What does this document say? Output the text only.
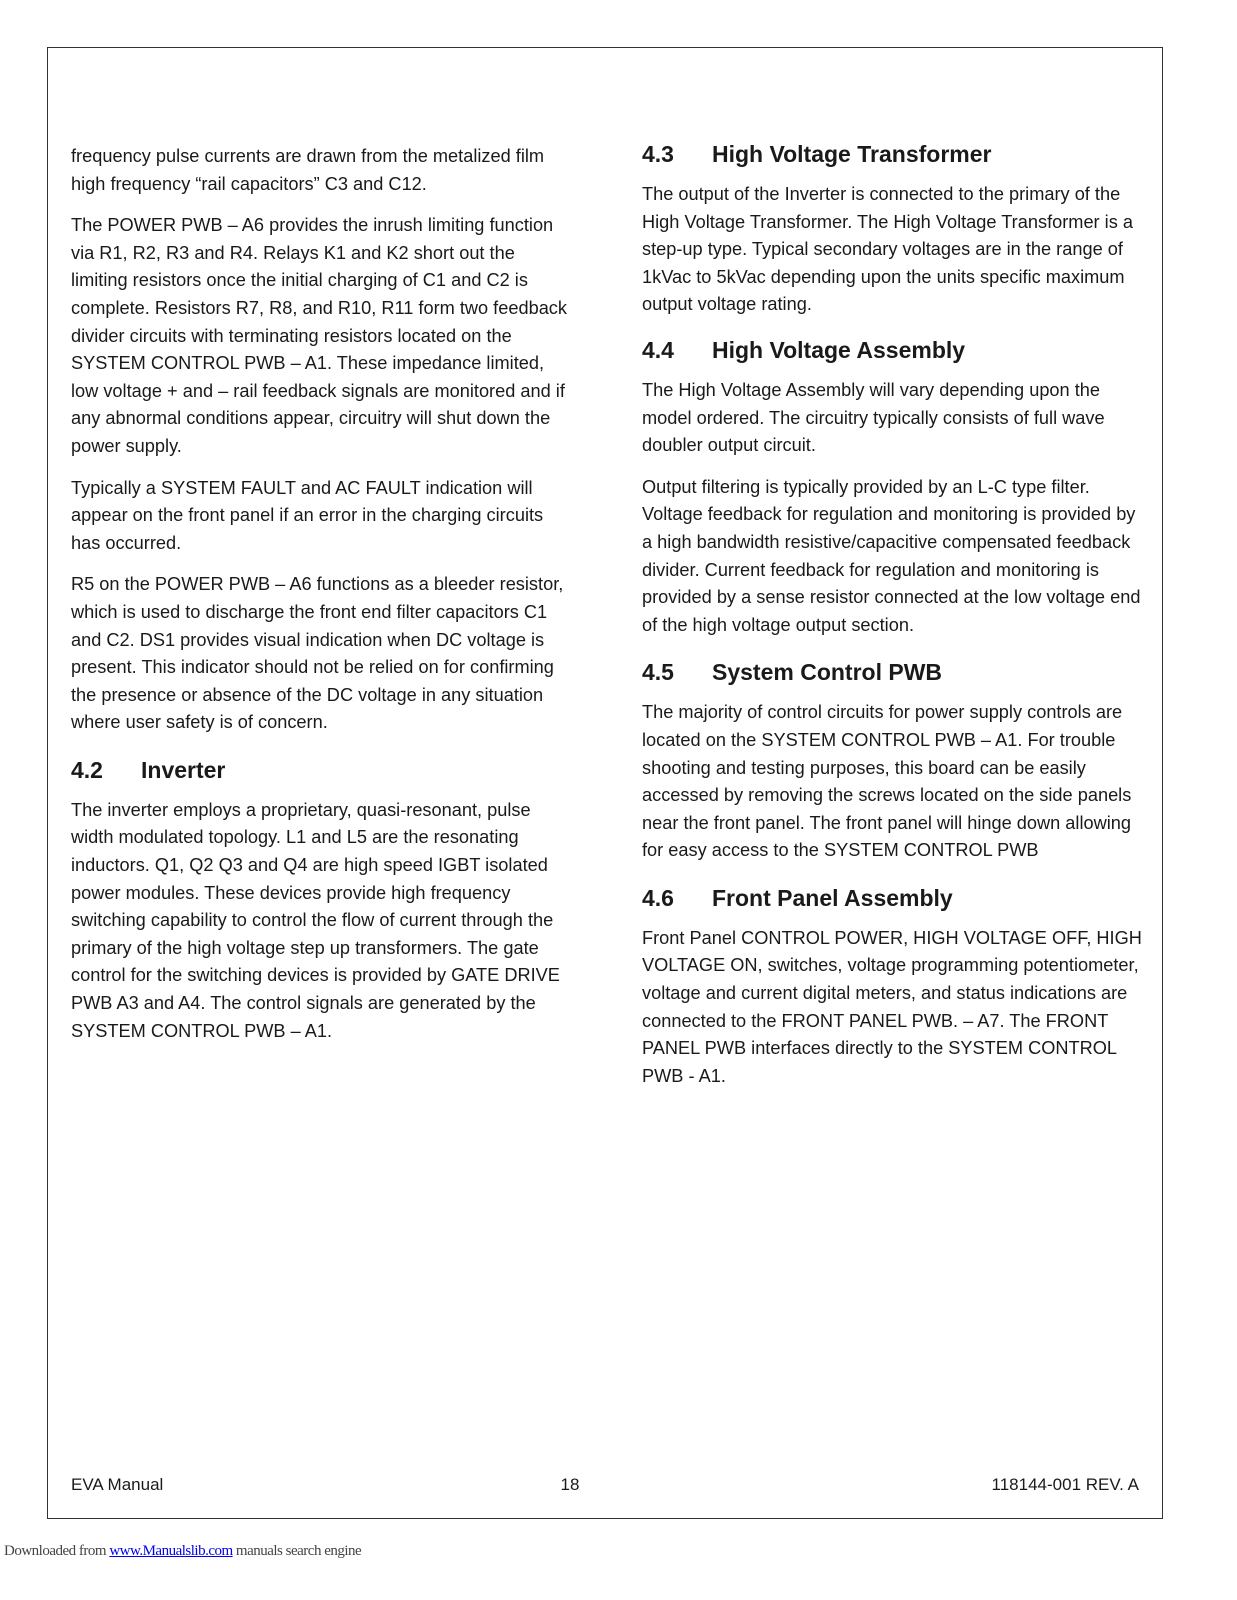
frequency pulse currents are drawn from the metalized film high frequency “rail capacitors” C3 and C12.

The POWER PWB – A6 provides the inrush limiting function via R1, R2, R3 and R4. Relays K1 and K2 short out the limiting resistors once the initial charging of C1 and C2 is complete. Resistors R7, R8, and R10, R11 form two feedback divider circuits with terminating resistors located on the SYSTEM CONTROL PWB – A1. These impedance limited, low voltage + and – rail feedback signals are monitored and if any abnormal conditions appear, circuitry will shut down the power supply.

Typically a SYSTEM FAULT and AC FAULT indication will appear on the front panel if an error in the charging circuits has occurred.

R5 on the POWER PWB – A6 functions as a bleeder resistor, which is used to discharge the front end filter capacitors C1 and C2. DS1 provides visual indication when DC voltage is present. This indicator should not be relied on for confirming the presence or absence of the DC voltage in any situation where user safety is of concern.

4.2 Inverter

The inverter employs a proprietary, quasi-resonant, pulse width modulated topology. L1 and L5 are the resonating inductors. Q1, Q2 Q3 and Q4 are high speed IGBT isolated power modules. These devices provide high frequency switching capability to control the flow of current through the primary of the high voltage step up transformers. The gate control for the switching devices is provided by GATE DRIVE PWB A3 and A4. The control signals are generated by the SYSTEM CONTROL PWB – A1.

4.3 High Voltage Transformer

The output of the Inverter is connected to the primary of the High Voltage Transformer. The High Voltage Transformer is a step-up type. Typical secondary voltages are in the range of 1kVac to 5kVac depending upon the units specific maximum output voltage rating.

4.4 High Voltage Assembly

The High Voltage Assembly will vary depending upon the model ordered. The circuitry typically consists of full wave doubler output circuit.

Output filtering is typically provided by an L-C type filter. Voltage feedback for regulation and monitoring is provided by a high bandwidth resistive/capacitive compensated feedback divider. Current feedback for regulation and monitoring is provided by a sense resistor connected at the low voltage end of the high voltage output section.

4.5 System Control PWB

The majority of control circuits for power supply controls are located on the SYSTEM CONTROL PWB – A1. For trouble shooting and testing purposes, this board can be easily accessed by removing the screws located on the side panels near the front panel. The front panel will hinge down allowing for easy access to the SYSTEM CONTROL PWB

4.6 Front Panel Assembly

Front Panel CONTROL POWER, HIGH VOLTAGE OFF, HIGH VOLTAGE ON, switches, voltage programming potentiometer, voltage and current digital meters, and status indications are connected to the FRONT PANEL PWB. – A7. The FRONT PANEL PWB interfaces directly to the SYSTEM CONTROL PWB - A1.

EVA Manual	18	118144-001 REV. A
Downloaded from www.Manualslib.com manuals search engine
